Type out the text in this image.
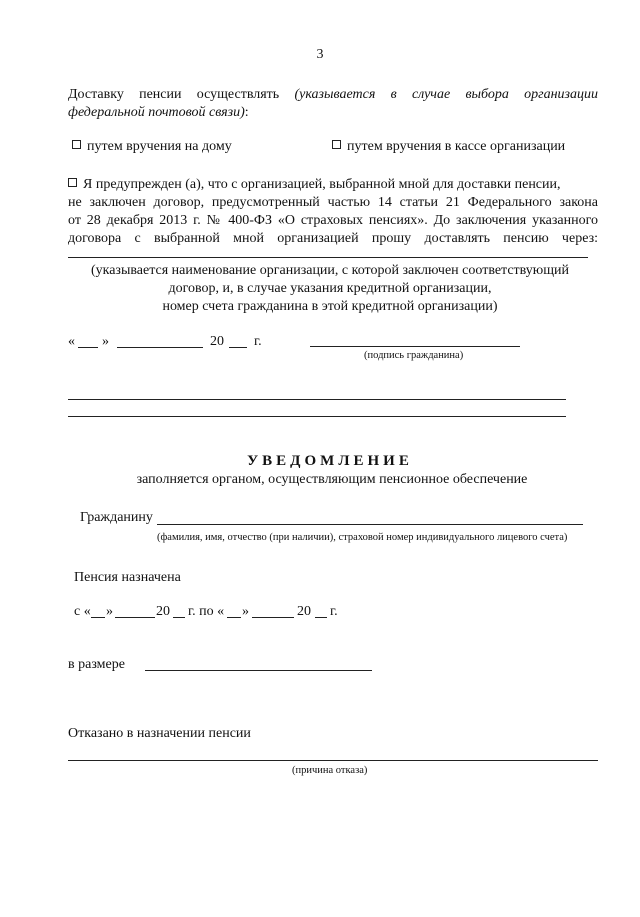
3
Доставку пенсии осуществлять (указывается в случае выбора организации
федеральной почтовой связи):
путем вручения на дому	путем вручения в кассе организации
Я предупрежден (а), что с организацией, выбранной мной для доставки пенсии,
не заключен договор, предусмотренный частью 14 статьи 21 Федерального закона
от 28 декабря 2013 г. № 400-ФЗ «О страховых пенсиях». До заключения указанного
договора с выбранной мной организацией прошу доставлять пенсию через:
(указывается наименование организации, с которой заключен соответствующий
договор, и, в случае указания кредитной организации,
номер счета гражданина в этой кредитной организации)
« »	20 г.
(подпись гражданина)
УВЕДОМЛЕНИЕ
заполняется органом, осуществляющим пенсионное обеспечение
Гражданину
(фамилия, имя, отчество (при наличии), страховой номер индивидуального лицевого счета)
Пенсия назначена
с « »	20 г. по « »	20 г.
в размере
Отказано в назначении пенсии
(причина отказа)
